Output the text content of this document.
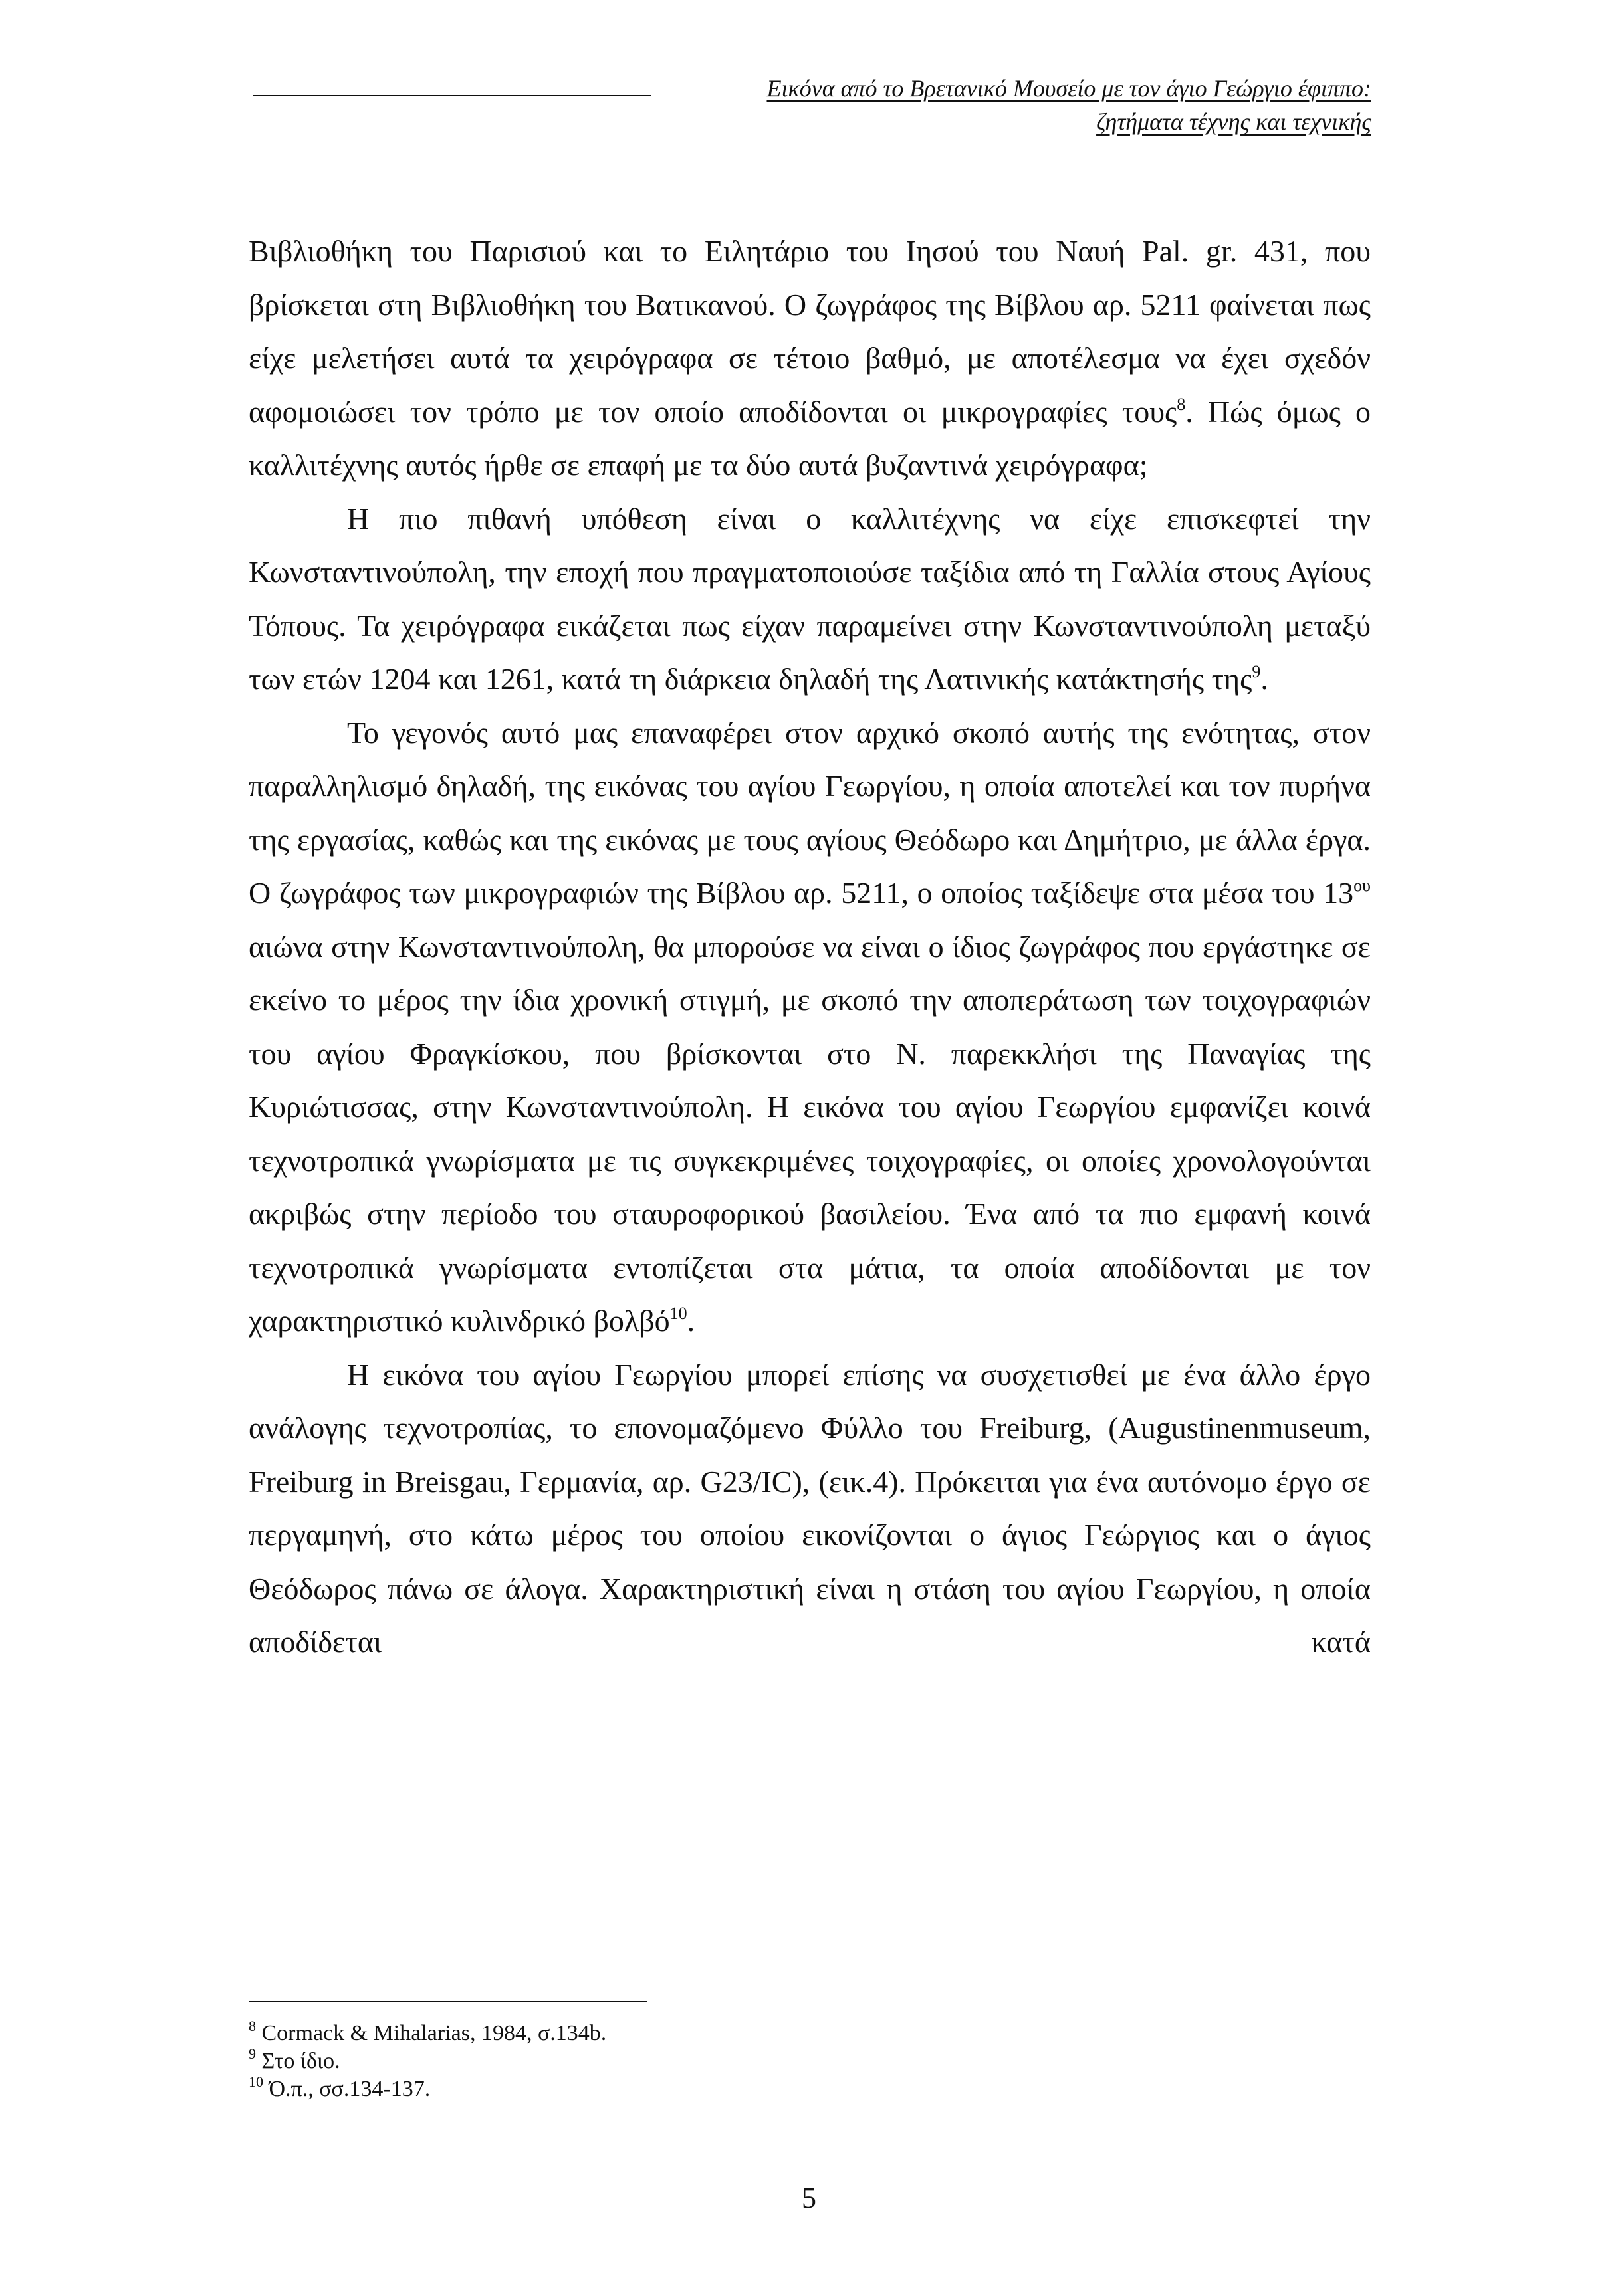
Εικόνα από το Βρετανικό Μουσείο με τον άγιο Γεώργιο έφιππο:
ζητήματα τέχνης και τεχνικής

Βιβλιοθήκη του Παρισιού και το Ειλητάριο του Ιησού του Ναυή Pal. gr. 431, που βρίσκεται στη Βιβλιοθήκη του Βατικανού. Ο ζωγράφος της Βίβλου αρ. 5211 φαίνεται πως είχε μελετήσει αυτά τα χειρόγραφα σε τέτοιο βαθμό, με αποτέλεσμα να έχει σχεδόν αφομοιώσει τον τρόπο με τον οποίο αποδίδονται οι μικρογραφίες τους$^8$. Πώς όμως ο καλλιτέχνης αυτός ήρθε σε επαφή με τα δύο αυτά βυζαντινά χειρόγραφα;

Η πιο πιθανή υπόθεση είναι ο καλλιτέχνης να είχε επισκεφτεί την Κωνσταντινούπολη, την εποχή που πραγματοποιούσε ταξίδια από τη Γαλλία στους Αγίους Τόπους. Τα χειρόγραφα εικάζεται πως είχαν παραμείνει στην Κωνσταντινούπολη μεταξύ των ετών 1204 και 1261, κατά τη διάρκεια δηλαδή της Λατινικής κατάκτησής της$^9$.

Το γεγονός αυτό μας επαναφέρει στον αρχικό σκοπό αυτής της ενότητας, στον παραλληλισμό δηλαδή, της εικόνας του αγίου Γεωργίου, η οποία αποτελεί και τον πυρήνα της εργασίας, καθώς και της εικόνας με τους αγίους Θεόδωρο και Δημήτριο, με άλλα έργα. Ο ζωγράφος των μικρογραφιών της Βίβλου αρ. 5211, ο οποίος ταξίδεψε στα μέσα του $13^{o\upsilon}$ αιώνα στην Κωνσταντινούπολη, θα μπορούσε να είναι ο ίδιος ζωγράφος που εργάστηκε σε εκείνο το μέρος την ίδια χρονική στιγμή, με σκοπό την αποπεράτωση των τοιχογραφιών του αγίου Φραγκίσκου, που βρίσκονται στο Ν. παρεκκλήσι της Παναγίας της Κυριώτισσας, στην Κωνσταντινούπολη. Η εικόνα του αγίου Γεωργίου εμφανίζει κοινά τεχνοτροπικά γνωρίσματα με τις συγκεκριμένες τοιχογραφίες, οι οποίες χρονολογούνται ακριβώς στην περίοδο του σταυροφορικού βασιλείου. Ένα από τα πιο εμφανή κοινά τεχνοτροπικά γνωρίσματα εντοπίζεται στα μάτια, τα οποία αποδίδονται με τον χαρακτηριστικό κυλινδρικό βολβό$^{10}$.

Η εικόνα του αγίου Γεωργίου μπορεί επίσης να συσχετισθεί με ένα άλλο έργο ανάλογης τεχνοτροπίας, το επονομαζόμενο Φύλλο του Freiburg, (Augustinenmuseum, Freiburg in Breisgau, Γερμανία, αρ. G23/IC), (εικ.4). Πρόκειται για ένα αυτόνομο έργο σε περγαμηνή, στο κάτω μέρος του οποίου εικονίζονται ο άγιος Γεώργιος και ο άγιος Θεόδωρος πάνω σε άλογα. Χαρακτηριστική είναι η στάση του αγίου Γεωργίου, η οποία αποδίδεται κατά

$^8$ Cormack & Mihalarias, 1984, σ.134b.
$^9$ Στο ίδιο.
$^{10}$ Ό.π., σσ.134-137.
5
